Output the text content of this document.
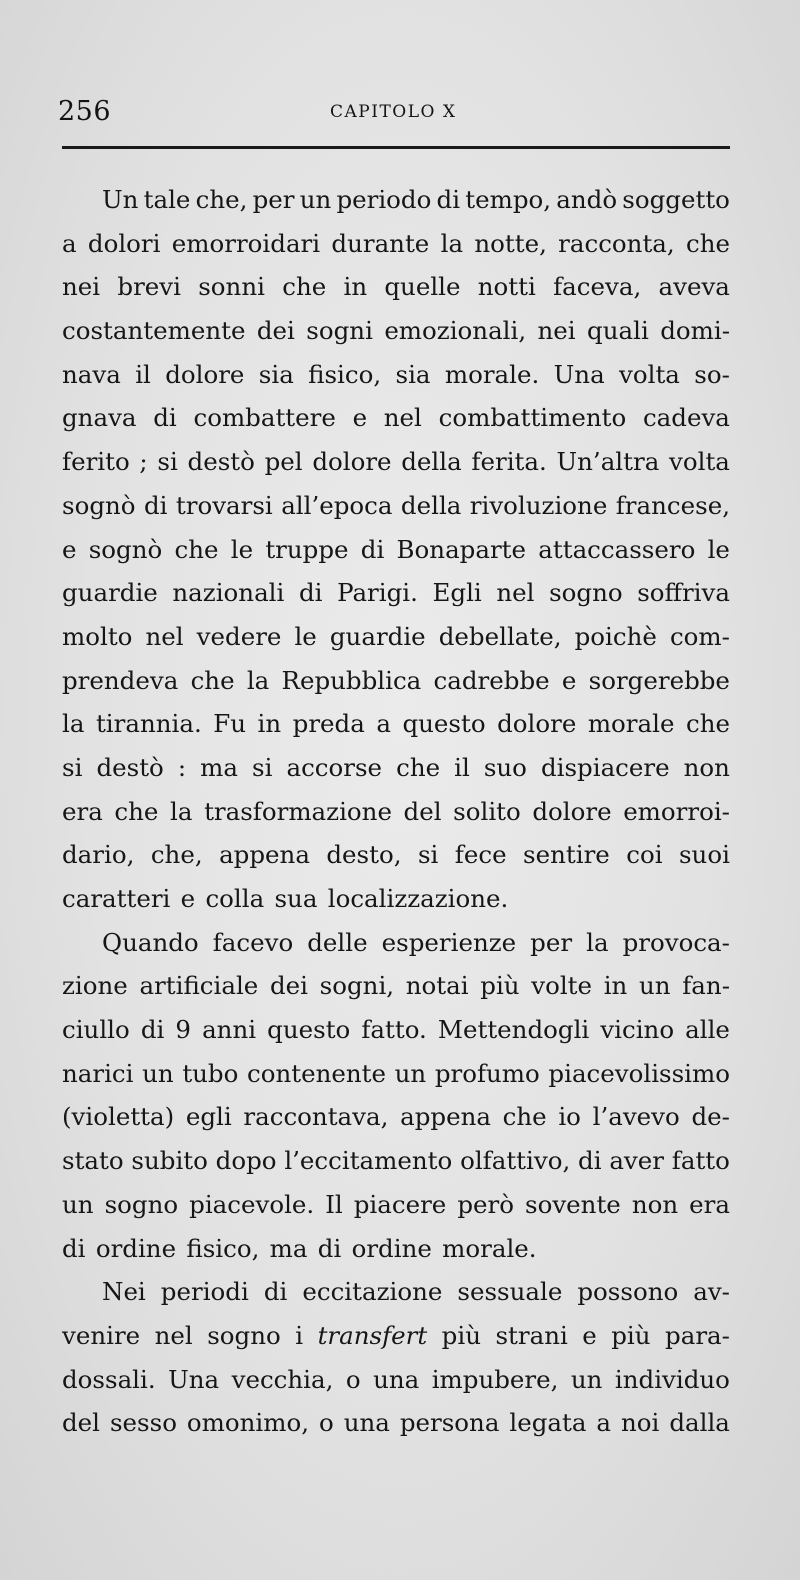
256	CAPITOLO X
Un tale che, per un periodo di tempo, andò soggetto
a dolori emorroidari durante la notte, racconta, che
nei brevi sonni che in quelle notti faceva, aveva
costantemente dei sogni emozionali, nei quali domi-
nava il dolore sia fisico, sia morale. Una volta so-
gnava di combattere e nel combattimento cadeva
ferito ; si destò pel dolore della ferita. Un’altra volta
sognò di trovarsi all’epoca della rivoluzione francese,
e sognò che le truppe di Bonaparte attaccassero le
guardie nazionali di Parigi. Egli nel sogno soffriva
molto nel vedere le guardie debellate, poichè com-
prendeva che la Repubblica cadrebbe e sorgerebbe
la tirannia. Fu in preda a questo dolore morale che
si destò : ma si accorse che il suo dispiacere non
era che la trasformazione del solito dolore emorroi-
dario, che, appena desto, si fece sentire coi suoi
caratteri e colla sua localizzazione.
Quando facevo delle esperienze per la provoca-
zione artificiale dei sogni, notai più volte in un fan-
ciullo di 9 anni questo fatto. Mettendogli vicino alle
narici un tubo contenente un profumo piacevolissimo
(violetta) egli raccontava, appena che io l’avevo de-
stato subito dopo l’eccitamento olfattivo, di aver fatto
un sogno piacevole. Il piacere però sovente non era
di ordine fisico, ma di ordine morale.
Nei periodi di eccitazione sessuale possono av-
venire nel sogno i transfert più strani e più para-
dossali. Una vecchia, o una impubere, un individuo
del sesso omonimo, o una persona legata a noi dalla
